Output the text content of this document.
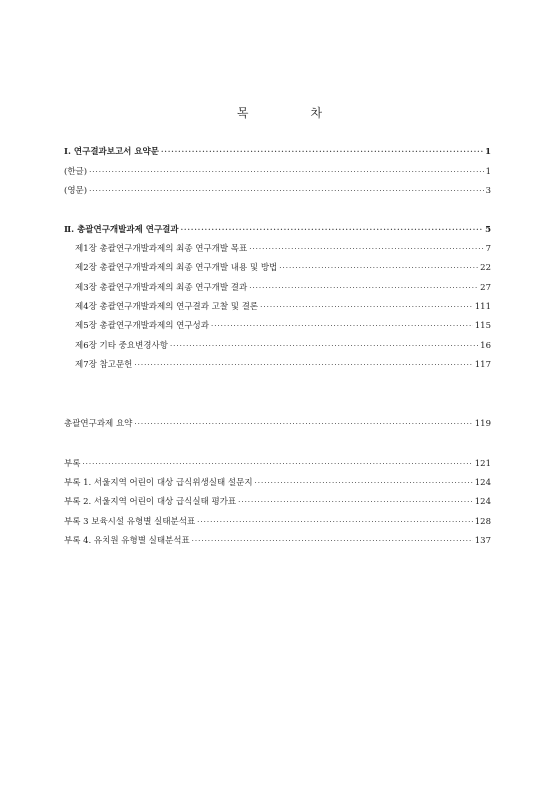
목	차
Ⅰ. 연구결과보고서 요약문 ·····	1
(한글) ·····	1
(영문) ·····	3
Ⅱ. 총괄연구개발과제 연구결과 ·····	5
제1장 총괄연구개발과제의 최종 연구개발 목표 ·····	7
제2장 총괄연구개발과제의 최종 연구개발 내용 및 방법 ·····	22
제3장 총괄연구개발과제의 최종 연구개발 결과 ·····	27
제4장 총괄연구개발과제의 연구결과 고찰 및 결론 ·····	111
제5장 총괄연구개발과제의 연구성과 ·····	115
제6장 기타 중요변경사항 ·····	16
제7장 참고문헌 ·····	117
총괄연구과제 요약 ·····	119
부록 ·····	121
부록 1. 서울지역 어린이 대상 급식위생실태 설문지 ·····	124
부록 2. 서울지역 어린이 대상 급식실태 평가표 ·····	124
부록 3 보육시설 유형별 실태분석표 ·····	128
부록 4. 유치원 유형별 실태분석표 ·····	137
